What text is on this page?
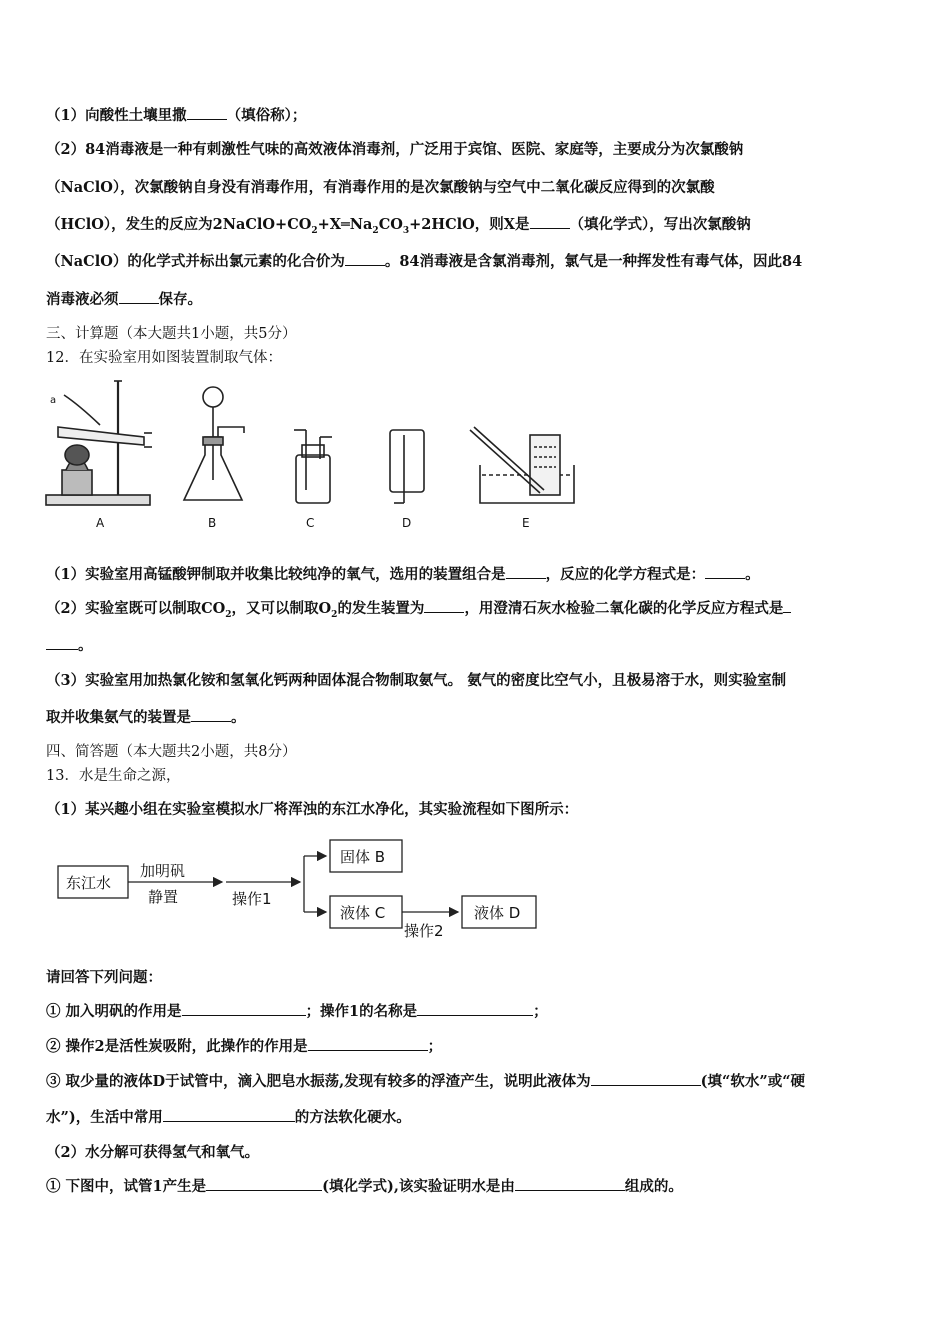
（1）向酸性土壤里撒	（填俗称）；
（2）84消毒液是一种有刺激性气味的高效液体消毒剂，广泛用于宾馆、医院、家庭等，主要成分为次氯酸钠
（NaClO），次氯酸钠自身没有消毒作用，有消毒作用的是次氯酸钠与空气中二氧化碳反应得到的次氯酸
（HClO），发生的反应为$2NaClO+CO_2+X═Na_2CO_3+2HClO$，则X是	（填化学式），写出次氯酸钠
（NaClO）的化学式并标出氯元素的化合价为	。84消毒液是含氯消毒剂，氯气是一种挥发性有毒气体，因此84
消毒液必须	保存。
三、计算题（本大题共1小题，共5分）
12．在实验室用如图装置制取气体：
a
A	B	C	D	E
（1）实验室用高锰酸钾制取并收集比较纯净的氧气，选用的装置组合是	，反应的化学方程式是：	。
（2）实验室既可以制取$CO_2$，又可以制取$O_2$的发生装置为	，用澄清石灰水检验二氧化碳的化学反应方程式是
。
（3）实验室用加热氯化铵和氢氧化钙两种固体混合物制取氨气。 氨气的密度比空气小，且极易溶于水，则实验室制
取并收集氨气的装置是	。
四、简答题（本大题共2小题，共8分）
13．水是生命之源，
（1）某兴趣小组在实验室模拟水厂将浑浊的东江水净化，其实验流程如下图所示：
东江水
加明矾
静置	操作1
固体 B
液体 C
操作2
液体 D
请回答下列问题：
① 加入明矾的作用是	；操作1的名称是	；
② 操作2是活性炭吸附，此操作的作用是	；
③ 取少量的液体D于试管中，滴入肥皂水振荡,发现有较多的浮渣产生，说明此液体为	(填“软水”或“硬
水”)，生活中常用	的方法软化硬水。
（2）水分解可获得氢气和氧气。
① 下图中，试管1产生是	(填化学式),该实验证明水是由	组成的。
